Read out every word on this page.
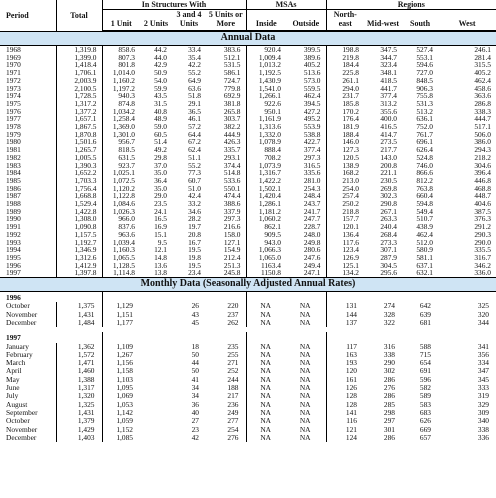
Period	Total	In Structures With				MSAs		Regions			
		1 Unit	2 Units	3 and 4 Units	5 Units or More	Inside	Outside	North-east	Mid-west	South	West
Annual Data
1968	1,319.8	858.6	44.2	33.4	383.6	920.4	399.5	198.8	347.5	527.4	246.1
1969	1,399.0	807.3	44.0	35.4	512.1	1,009.4	389.6	219.8	344.7	553.1	281.4
1970	1,418.4	801.8	42.9	42.2	531.5	1,013.2	405.2	184.4	323.4	594.6	315.5
1971	1,706.1	1,014.0	50.9	55.2	586.1	1,192.5	513.6	225.8	348.1	727.0	405.2
1972	2,003.9	1,160.2	54.0	64.9	724.7	1,430.9	573.0	261.1	418.5	848.5	462.4
1973	2,100.5	1,197.2	59.9	63.6	779.8	1,541.0	559.5	294.0	441.7	906.3	458.6
1974	1,728.5	940.3	43.5	51.8	692.9	1,266.1	462.4	231.7	377.4	755.8	363.6
1975	1,317.2	874.8	31.5	29.1	381.8	922.6	394.5	185.8	313.2	531.3	286.8
1976	1,377.2	1,034.2	40.8	36.5	265.8	950.1	427.2	170.2	355.6	513.2	338.3
1977	1,657.1	1,258.4	48.9	46.1	303.7	1,161.9	495.2	176.4	400.0	636.1	444.7
1978	1,867.5	1,369.0	59.0	57.2	382.2	1,313.6	553.9	181.9	416.5	752.0	517.1
1979	1,870.8	1,301.0	60.5	64.4	444.9	1,332.0	538.8	188.4	414.7	761.7	506.0
1980	1,501.6	956.7	51.4	67.2	426.3	1,078.9	422.7	146.0	273.5	696.1	386.0
1981	1,265.7	818.5	49.2	62.4	335.7	888.4	377.4	127.3	217.7	626.4	294.3
1982	1,005.5	631.5	29.8	51.1	293.1	708.2	297.3	120.5	143.0	524.8	218.2
1983	1,390.3	923.7	37.0	55.2	374.4	1,073.9	316.5	138.9	200.8	746.0	304.6
1984	1,652.2	1,025.1	35.0	77.3	514.8	1,316.7	335.6	168.2	221.1	866.6	396.4
1985	1,703.3	1,072.5	36.4	60.7	533.6	1,422.2	281.0	213.0	230.5	812.2	446.8
1986	1,756.4	1,120.2	35.0	51.0	550.1	1,502.1	254.3	254.0	269.8	763.8	468.8
1987	1,668.8	1,122.8	29.0	42.4	474.4	1,420.4	248.4	257.4	302.3	660.4	448.7
1988	1,529.4	1,084.6	23.5	33.2	388.6	1,286.1	243.7	250.2	290.8	594.8	404.6
1989	1,422.8	1,026.3	24.1	34.6	337.9	1,181.2	241.7	218.8	267.1	549.4	387.5
1990	1,308.0	966.0	16.5	28.2	297.3	1,060.2	247.7	157.7	263.3	510.7	376.3
1991	1,090.8	837.6	16.9	19.7	216.6	862.1	228.7	120.1	240.4	438.9	291.2
1992	1,157.5	963.6	15.1	20.8	158.0	909.5	248.0	136.4	268.4	462.4	290.3
1993	1,192.7	1,039.4	9.5	16.7	127.1	943.0	249.8	117.6	273.3	512.0	290.0
1994	1,346.9	1,160.3	12.1	19.5	154.9	1,066.3	280.6	123.4	307.1	580.9	335.5
1995	1,312.6	1,065.5	14.8	19.8	212.4	1,065.0	247.6	126.9	287.9	581.1	316.7
1996	1,412.9	1,128.5	13.6	19.5	251.3	1163.4	249.4	125.1	304.5	637.1	346.2
1997	1,397.8	1,114.8	13.8	23.4	245.8	1150.8	247.1	134.2	295.6	632.1	336.0
Monthly Data (Seasonally Adjusted Annual Rates)
1996											
October	1,375	1,129		26	220	NA	NA	131	274	642	325
November	1,431	1,151		43	237	NA	NA	144	328	639	320
December	1,484	1,177		45	262	NA	NA	137	322	681	344

1997											
January	1,362	1,109		18	235	NA	NA	117	316	588	341
February	1,572	1,267		50	255	NA	NA	163	338	715	356
March	1,471	1,156		44	271	NA	NA	193	290	654	334
April	1,460	1,158		50	252	NA	NA	120	302	691	347
May	1,388	1,103		41	244	NA	NA	161	286	596	345
June	1,317	1,095		34	188	NA	NA	126	276	582	333
July	1,320	1,069		34	217	NA	NA	128	286	589	319
August	1,325	1,053		36	236	NA	NA	128	285	583	329
September	1,431	1,142		40	249	NA	NA	141	298	683	309
October	1,379	1,059		27	277	NA	NA	116	297	626	340
November	1,429	1,152		23	254	NA	NA	121	301	669	338
December	1,403	1,085		42	276	NA	NA	124	286	657	336
